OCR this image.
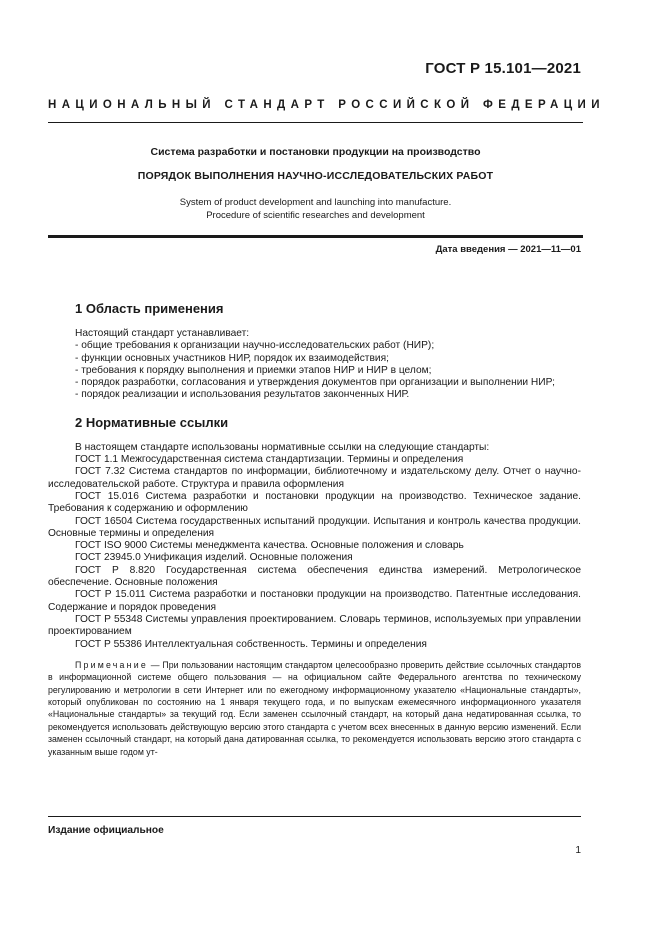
ГОСТ Р 15.101—2021
НАЦИОНАЛЬНЫЙ СТАНДАРТ РОССИЙСКОЙ ФЕДЕРАЦИИ
Система разработки и постановки продукции на производство
ПОРЯДОК ВЫПОЛНЕНИЯ НАУЧНО-ИССЛЕДОВАТЕЛЬСКИХ РАБОТ
System of product development and launching into manufacture.
Procedure of scientific researches and development
Дата введения — 2021—11—01
1 Область применения
Настоящий стандарт устанавливает:
- общие требования к организации научно-исследовательских работ (НИР);
- функции основных участников НИР, порядок их взаимодействия;
- требования к порядку выполнения и приемки этапов НИР и НИР в целом;
- порядок разработки, согласования и утверждения документов при организации и выполнении НИР;
- порядок реализации и использования результатов законченных НИР.
2 Нормативные ссылки
В настоящем стандарте использованы нормативные ссылки на следующие стандарты:
ГОСТ 1.1 Межгосударственная система стандартизации. Термины и определения
ГОСТ 7.32 Система стандартов по информации, библиотечному и издательскому делу. Отчет о научно-исследовательской работе. Структура и правила оформления
ГОСТ 15.016 Система разработки и постановки продукции на производство. Техническое задание. Требования к содержанию и оформлению
ГОСТ 16504 Система государственных испытаний продукции. Испытания и контроль качества продукции. Основные термины и определения
ГОСТ ISO 9000 Системы менеджмента качества. Основные положения и словарь
ГОСТ 23945.0 Унификация изделий. Основные положения
ГОСТ Р 8.820 Государственная система обеспечения единства измерений. Метрологическое обеспечение. Основные положения
ГОСТ Р 15.011 Система разработки и постановки продукции на производство. Патентные исследования. Содержание и порядок проведения
ГОСТ Р 55348 Системы управления проектированием. Словарь терминов, используемых при управлении проектированием
ГОСТ Р 55386 Интеллектуальная собственность. Термины и определения
Примечание — При пользовании настоящим стандартом целесообразно проверить действие ссылочных стандартов в информационной системе общего пользования — на официальном сайте Федерального агентства по техническому регулированию и метрологии в сети Интернет или по ежегодному информационному указателю «Национальные стандарты», который опубликован по состоянию на 1 января текущего года, и по выпускам ежемесячного информационного указателя «Национальные стандарты» за текущий год. Если заменен ссылочный стандарт, на который дана недатированная ссылка, то рекомендуется использовать действующую версию этого стандарта с учетом всех внесенных в данную версию изменений. Если заменен ссылочный стандарт, на который дана датированная ссылка, то рекомендуется использовать версию этого стандарта с указанным выше годом ут-
Издание официальное
1
